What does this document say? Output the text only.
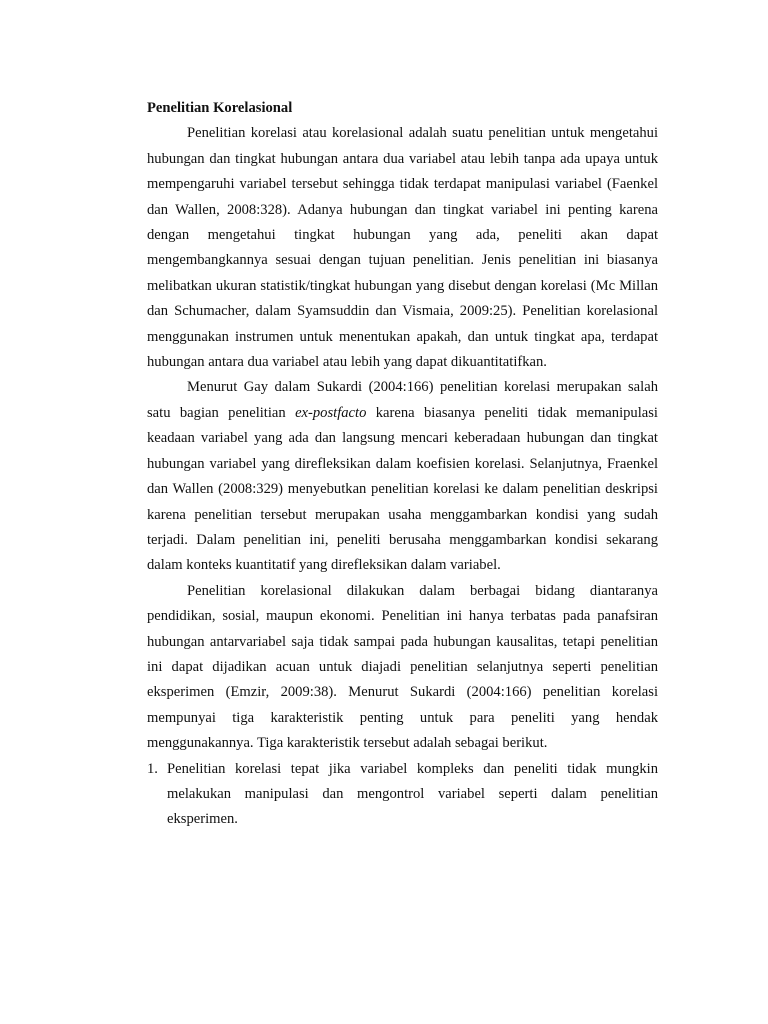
Penelitian Korelasional

Penelitian korelasi atau korelasional adalah suatu penelitian untuk mengetahui hubungan dan tingkat hubungan antara dua variabel atau lebih tanpa ada upaya untuk mempengaruhi variabel tersebut sehingga tidak terdapat manipulasi variabel (Faenkel dan Wallen, 2008:328). Adanya hubungan dan tingkat variabel ini penting karena dengan mengetahui tingkat hubungan yang ada, peneliti akan dapat mengembangkannya sesuai dengan tujuan penelitian. Jenis penelitian ini biasanya melibatkan ukuran statistik/tingkat hubungan yang disebut dengan korelasi (Mc Millan dan Schumacher, dalam Syamsuddin dan Vismaia, 2009:25). Penelitian korelasional menggunakan instrumen untuk menentukan apakah, dan untuk tingkat apa, terdapat hubungan antara dua variabel atau lebih yang dapat dikuantitatifkan.

Menurut Gay dalam Sukardi (2004:166) penelitian korelasi merupakan salah satu bagian penelitian ex-postfacto karena biasanya peneliti tidak memanipulasi keadaan variabel yang ada dan langsung mencari keberadaan hubungan dan tingkat hubungan variabel yang direfleksikan dalam koefisien korelasi. Selanjutnya, Fraenkel dan Wallen (2008:329) menyebutkan penelitian korelasi ke dalam penelitian deskripsi karena penelitian tersebut merupakan usaha menggambarkan kondisi yang sudah terjadi. Dalam penelitian ini, peneliti berusaha menggambarkan kondisi sekarang dalam konteks kuantitatif yang direfleksikan dalam variabel.

Penelitian korelasional dilakukan dalam berbagai bidang diantaranya pendidikan, sosial, maupun ekonomi. Penelitian ini hanya terbatas pada panafsiran hubungan antarvariabel saja tidak sampai pada hubungan kausalitas, tetapi penelitian ini dapat dijadikan acuan untuk diajadi penelitian selanjutnya seperti penelitian eksperimen (Emzir, 2009:38). Menurut Sukardi (2004:166) penelitian korelasi mempunyai tiga karakteristik penting untuk para peneliti yang hendak menggunakannya. Tiga karakteristik tersebut adalah sebagai berikut.

1. Penelitian korelasi tepat jika variabel kompleks dan peneliti tidak mungkin melakukan manipulasi dan mengontrol variabel seperti dalam penelitian eksperimen.
